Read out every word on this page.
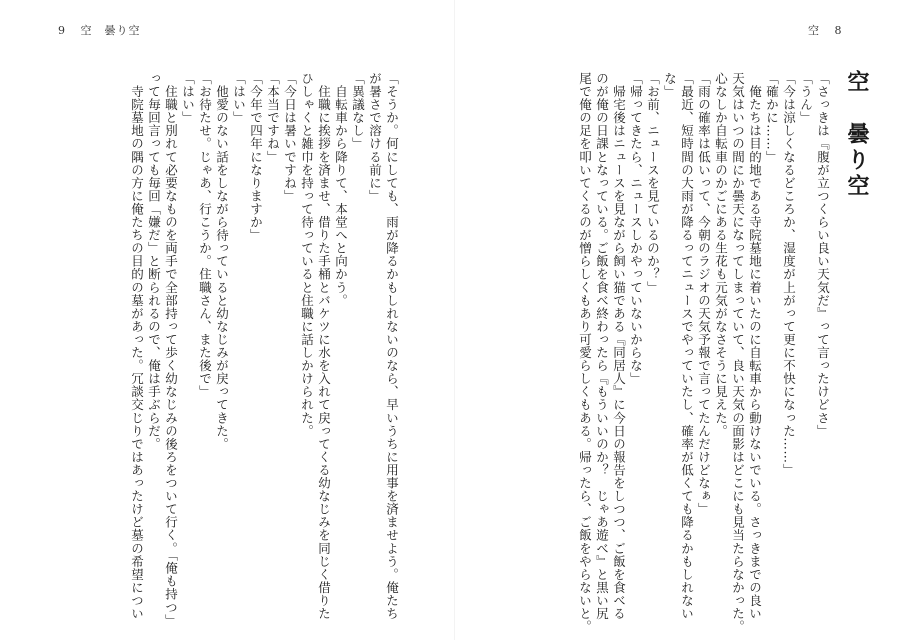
9 空　曇り空	空 8
空　曇り空
「さっきは『腹が立つくらい良い天気だ』って言ったけどさ」
「うん」
「今は涼しくなるどころか、湿度が上がって更に不快になった……」
「確かに……」
　俺たちは目的地である寺院墓地に着いたのに自転車から動けないでいる。さっきまでの良い
天気はいつの間にか曇天になってしまっていて、良い天気の面影はどこにも見当たらなかった。
心なしか自転車のかごにある生花も元気がなさそうに見えた。
「雨の確率は低いって、今朝のラジオの天気予報で言ってたんだけどなぁ」
「最近、短時間の大雨が降るってニュースでやっていたし、確率が低くても降るかもしれない
な」
「お前、ニュースを見ているのか？」
「帰ってきたら、ニュースしかやっていないからな」
　帰宅後はニュースを見ながら飼い猫である『同居人』に今日の報告をしつつ、ご飯を食べる
のが俺の日課となっている。ご飯を食べ終わったら『もういいのか？　じゃあ遊べ』と黒い尻
尾で俺の足を叩いてくるのが憎らしくもあり可愛らしくもある。帰ったら、ご飯をやらないと。
「そうか。何にしても、雨が降るかもしれないのなら、早いうちに用事を済ませよう。俺たち
が暑さで溶ける前に」
「異議なし」
　自転車から降りて、本堂へと向かう。
　住職に挨拶を済ませ、借りた手桶とバケツに水を入れて戻ってくる幼なじみを同じく借りた
ひしゃくと雑巾を持って待っていると住職に話しかけられた。
「今日は暑いですね」
「本当ですね」
「今年で四年になりますか」
「はい」
　他愛のない話をしながら待っていると幼なじみが戻ってきた。
「お待たせ。じゃあ、行こうか。住職さん、また後で」
「はい」
　住職と別れて必要なものを両手で全部持って歩く幼なじみの後ろをついて行く。「俺も持つ」
って毎回言っても毎回「嫌だ」と断られるので、俺は手ぶらだ。
　寺院墓地の隅の方に俺たちの目的の墓があった。冗談交じりではあったけど墓の希望につい
